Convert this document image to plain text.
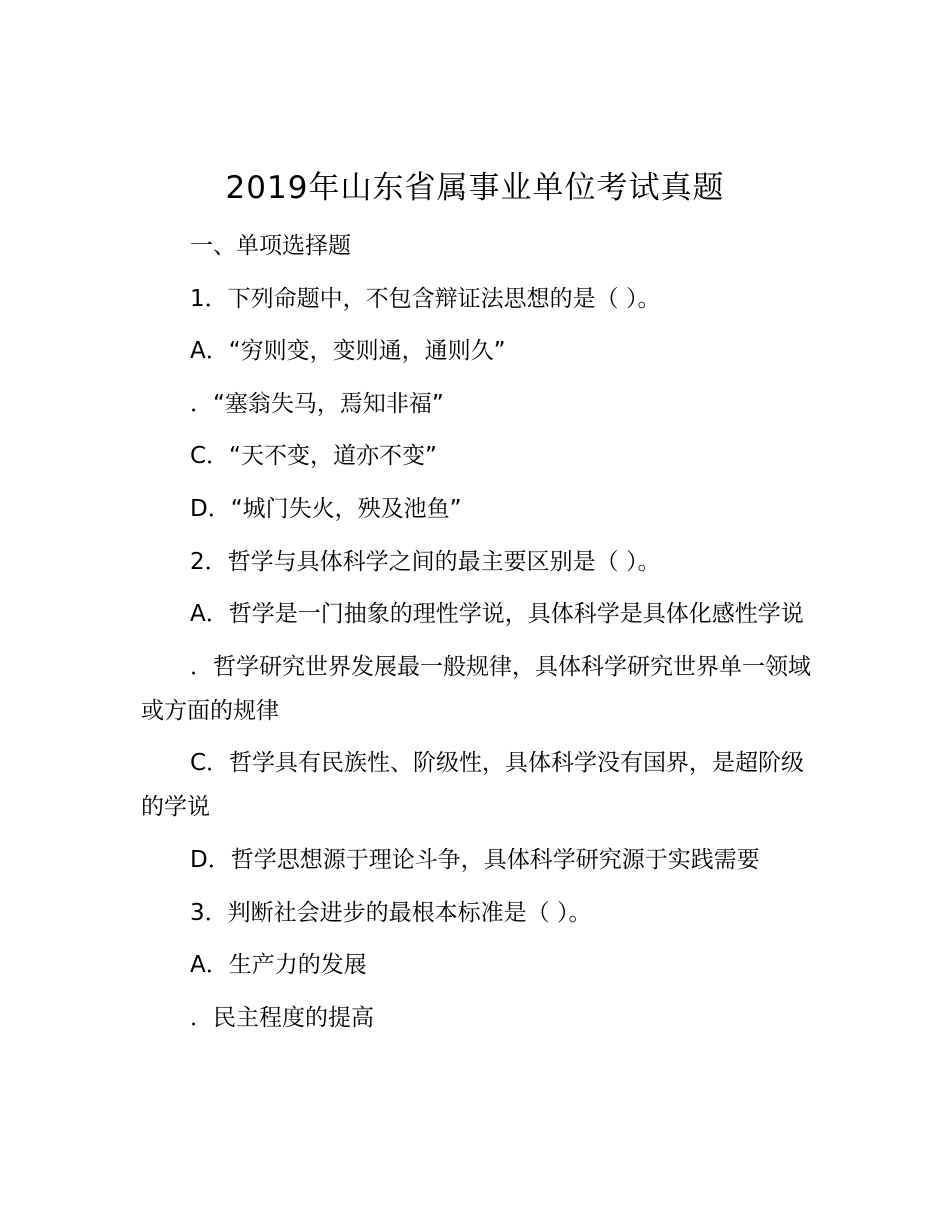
2019年山东省属事业单位考试真题

一、单项选择题

1．下列命题中，不包含辩证法思想的是（ ）。

A．“穷则变，变则通，通则久”

．“塞翁失马，焉知非福”

C．“天不变，道亦不变”

D．“城门失火，殃及池鱼”

2．哲学与具体科学之间的最主要区别是（ ）。

A．哲学是一门抽象的理性学说，具体科学是具体化感性学说

．哲学研究世界发展最一般规律，具体科学研究世界单一领域或方面的规律

C．哲学具有民族性、阶级性，具体科学没有国界，是超阶级的学说

D．哲学思想源于理论斗争，具体科学研究源于实践需要

3．判断社会进步的最根本标准是（ ）。

A．生产力的发展

．民主程度的提高
